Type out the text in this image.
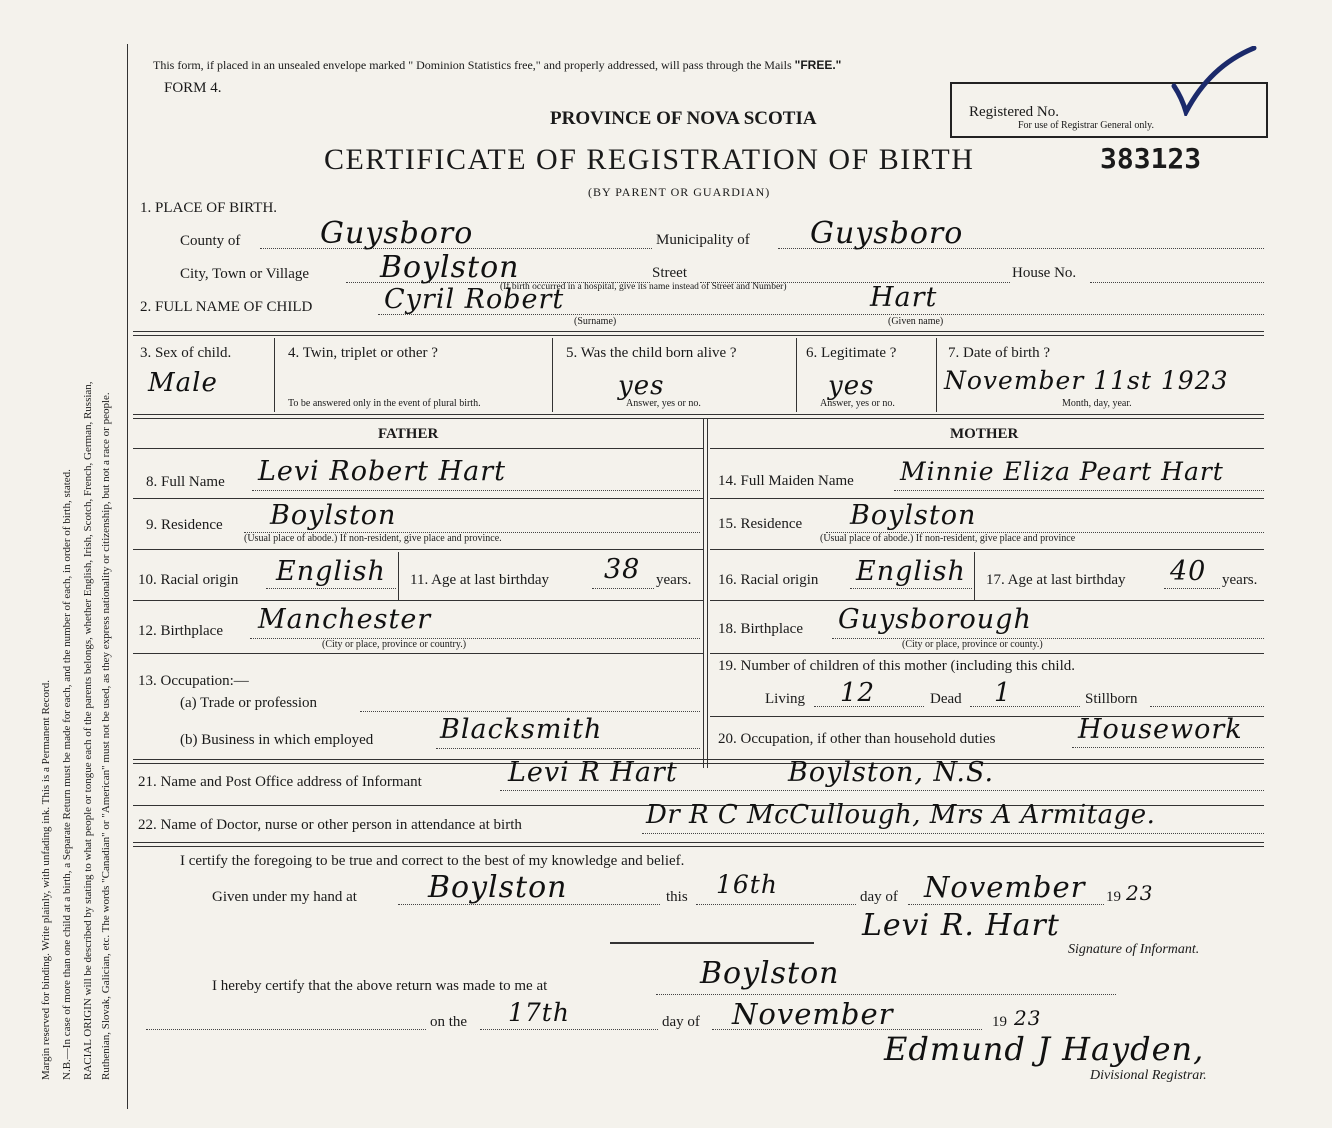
Margin reserved for binding. Write plainly, with unfading ink. This is a Permanent Record. N.B.—In case of more than one child at a birth, a Separate Return must be made for each, and the number of each, in order of birth, stated. RACIAL ORIGIN will be described by stating to what people or tongue each of the parents belongs, whether English, Irish, Scotch, French, German, Russian, Ruthenian, Slovak, Galician, etc. The words "Canadian" or "American" must not be used, as they express nationality or citizenship, but not a race or people.
This form, if placed in an unsealed envelope marked " Dominion Statistics free," and properly addressed, will pass through the Mails "FREE."
FORM 4.
Registered No.
For use of Registrar General only.
PROVINCE OF NOVA SCOTIA
CERTIFICATE OF REGISTRATION OF BIRTH	383123
(BY PARENT OR GUARDIAN)
1. PLACE OF BIRTH.
County of	Guysboro	Municipality of Guysboro
City, Town or Village Boylston	Street
(If birth occurred in a hospital, give its name instead of Street and Number)
House No.
2. FULL NAME OF CHILD	Cyril Robert	Hart
(Surname)	(Given name)
3. Sex of child.
Male
4. Twin, triplet or other ?
To be answered only in the event of plural birth.
5. Was the child born alive ?
yes
Answer, yes or no.
6. Legitimate ?
yes
Answer, yes or no.
7. Date of birth ?
November 11st 1923
Month, day, year.
FATHER	MOTHER
8. Full Name Levi Robert Hart	14. Full Maiden Name Minnie Eliza Peart Hart
9. Residence Boylston
(Usual place of abode.) If non-resident, give place and province.
15. Residence Boylston
(Usual place of abode.) If non-resident, give place and province
10. Racial origin English 11. Age at last birthday 38 years. 16. Racial origin English 17. Age at last birthday 40 years.
12. Birthplace Manchester
(City or place, province or country.)
18. Birthplace Guysborough
(City or place, province or county.)
13. Occupation:—
(a) Trade or profession
(b) Business in which employed Blacksmith
19. Number of children of this mother (including this child.
Living 12	Dead 1	Stillborn
20. Occupation, if other than household duties	Housework
21. Name and Post Office address of Informant	Levi R Hart	Boylston, N.S.
22. Name of Doctor, nurse or other person in attendance at birth	Dr R C McCullough, Mrs A Armitage.
I certify the foregoing to be true and correct to the best of my knowledge and belief.
Given under my hand at Boylston	this 16th	day of November 19 23
Levi R. Hart
Signature of Informant.
I hereby certify that the above return was made to me at	Boylston
on the 17th	day of November	19 23
Edmund J Hayden,
Divisional Registrar.
